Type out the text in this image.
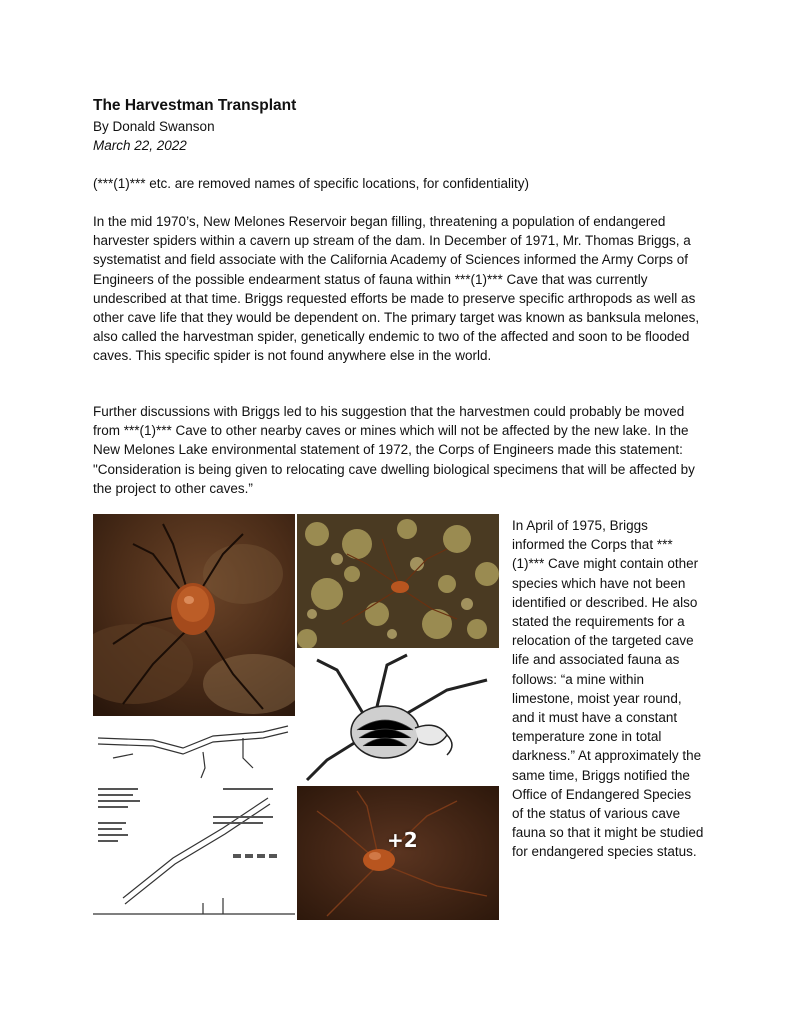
The Harvestman Transplant
By Donald Swanson
March 22, 2022
(***(1)*** etc. are removed names of specific locations, for confidentiality)

In the mid 1970’s, New Melones Reservoir began filling, threatening a population of endangered harvester spiders within a cavern up stream of the dam. In December of 1971, Mr. Thomas Briggs, a systematist and field associate with the California Academy of Sciences informed the Army Corps of Engineers of the possible endearment status of fauna within ***(1)*** Cave that was currently undescribed at that time. Briggs requested efforts be made to preserve specific arthropods as well as other cave life that they would be dependent on. The primary target was known as banksula melones, also called the harvestman spider, genetically endemic to two of the affected and soon to be flooded caves. This specific spider is not found anywhere else in the world.

Further discussions with Briggs led to his suggestion that the harvestmen could probably be moved from ***(1)*** Cave to other nearby caves or mines which will not be affected by the new lake. In the New Melones Lake environmental statement of 1972, the Corps of Engineers made this statement: "Consideration is being given to relocating cave dwelling biological specimens that will be affected by the project to other caves.”

+2

In April of 1975, Briggs informed the Corps that ***(1)*** Cave might contain other species which have not been identified or described. He also stated the requirements for a relocation of the targeted cave life and associated fauna as follows: “a mine within limestone, moist year round, and it must have a constant temperature zone in total darkness.” At approximately the same time, Briggs notified the Office of Endangered Species of the status of various cave fauna so that it might be studied for endangered species status.
